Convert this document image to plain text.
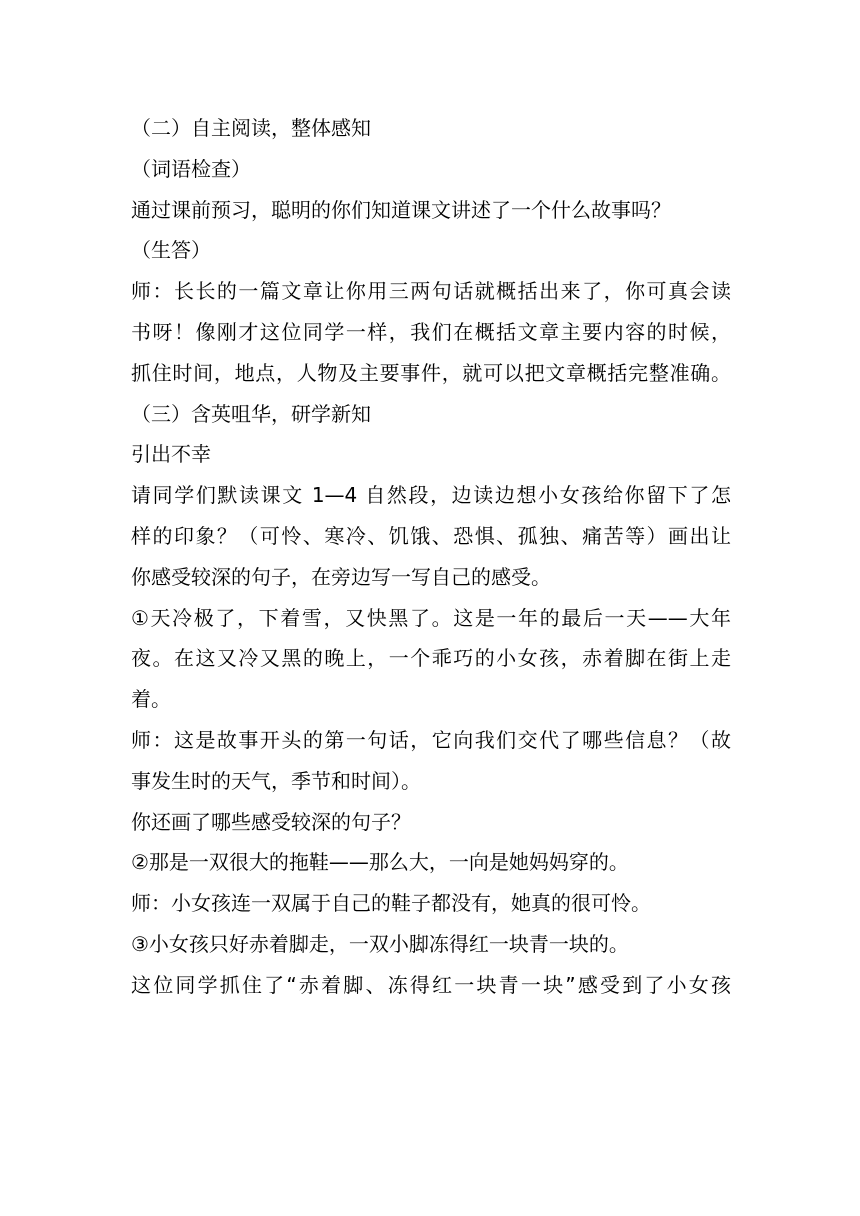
（二）自主阅读，整体感知
（词语检查）
通过课前预习，聪明的你们知道课文讲述了一个什么故事吗？
（生答）
师：长长的一篇文章让你用三两句话就概括出来了，你可真会读
书呀！像刚才这位同学一样，我们在概括文章主要内容的时候，
抓住时间，地点，人物及主要事件，就可以把文章概括完整准确。
（三）含英咀华，研学新知
引出不幸
请同学们默读课文 1—4 自然段，边读边想小女孩给你留下了怎
样的印象？（可怜、寒冷、饥饿、恐惧、孤独、痛苦等）画出让
你感受较深的句子，在旁边写一写自己的感受。
①天冷极了，下着雪，又快黑了。这是一年的最后一天——大年
夜。在这又冷又黑的晚上，一个乖巧的小女孩，赤着脚在街上走
着。
师：这是故事开头的第一句话，它向我们交代了哪些信息？（故
事发生时的天气，季节和时间）。
你还画了哪些感受较深的句子？
②那是一双很大的拖鞋——那么大，一向是她妈妈穿的。
师：小女孩连一双属于自己的鞋子都没有，她真的很可怜。
③小女孩只好赤着脚走，一双小脚冻得红一块青一块的。
这位同学抓住了“赤着脚、冻得红一块青一块”感受到了小女孩
